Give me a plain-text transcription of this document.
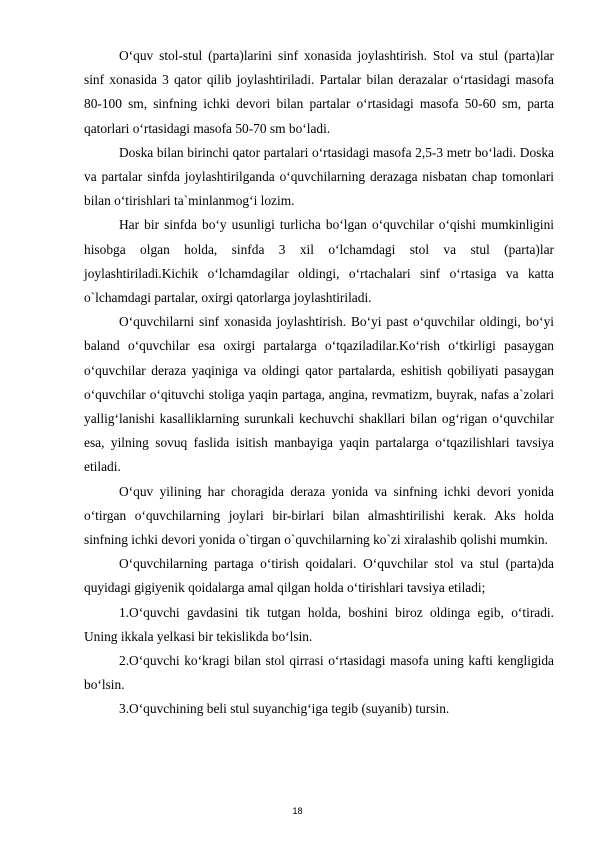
O‘quv stol-stul (parta)larini sinf xonasida joylashtirish. Stol va stul (parta)lar sinf xonasida 3 qator qilib joylashtiriladi. Partalar bilan derazalar o‘rtasidagi masofa 80-100 sm, sinfning ichki devori bilan partalar o‘rtasidagi masofa 50-60 sm, parta qatorlari o‘rtasidagi masofa 50-70 sm bo‘ladi.

Doska bilan birinchi qator partalari o‘rtasidagi masofa 2,5-3 metr bo‘ladi. Doska va partalar sinfda joylashtirilganda o‘quvchilarning derazaga nisbatan chap tomonlari bilan o‘tirishlari ta`minlanmog‘i lozim.

Har bir sinfda bo‘y usunligi turlicha bo‘lgan o‘quvchilar o‘qishi mumkinligini hisobga olgan holda, sinfda 3 xil o‘lchamdagi stol va stul (parta)lar joylashtiriladi.Kichik o‘lchamdagilar oldingi, o‘rtachalari sinf o‘rtasiga va katta o`lchamdagi partalar, oxirgi qatorlarga joylashtiriladi.

O‘quvchilarni sinf xonasida joylashtirish. Bo‘yi past o‘quvchilar oldingi, bo‘yi baland o‘quvchilar esa oxirgi partalarga o‘tqaziladilar.Ko‘rish o‘tkirligi pasaygan o‘quvchilar deraza yaqiniga va oldingi qator partalarda, eshitish qobiliyati pasaygan o‘quvchilar o‘qituvchi stoliga yaqin partaga, angina, revmatizm, buyrak, nafas a`zolari yallig‘lanishi kasalliklarning surunkali kechuvchi shakllari bilan og‘rigan o‘quvchilar esa, yilning sovuq faslida isitish manbayiga yaqin partalarga o‘tqazilishlari tavsiya etiladi.

O‘quv yilining har choragida deraza yonida va sinfning ichki devori yonida o‘tirgan o‘quvchilarning joylari bir-birlari bilan almashtirilishi kerak. Aks holda sinfning ichki devori yonida o`tirgan o`quvchilarning ko`zi xiralashib qolishi mumkin.

O‘quvchilarning partaga o‘tirish qoidalari. O‘quvchilar stol va stul (parta)da quyidagi gigiyenik qoidalarga amal qilgan holda o‘tirishlari tavsiya etiladi;

1.O‘quvchi gavdasini tik tutgan holda, boshini biroz oldinga egib, o‘tiradi. Uning ikkala yelkasi bir tekislikda bo‘lsin.

2.O‘quvchi ko‘kragi bilan stol qirrasi o‘rtasidagi masofa uning kafti kengligida bo‘lsin.

3.O‘quvchining beli stul suyanchig‘iga tegib (suyanib) tursin.

18
